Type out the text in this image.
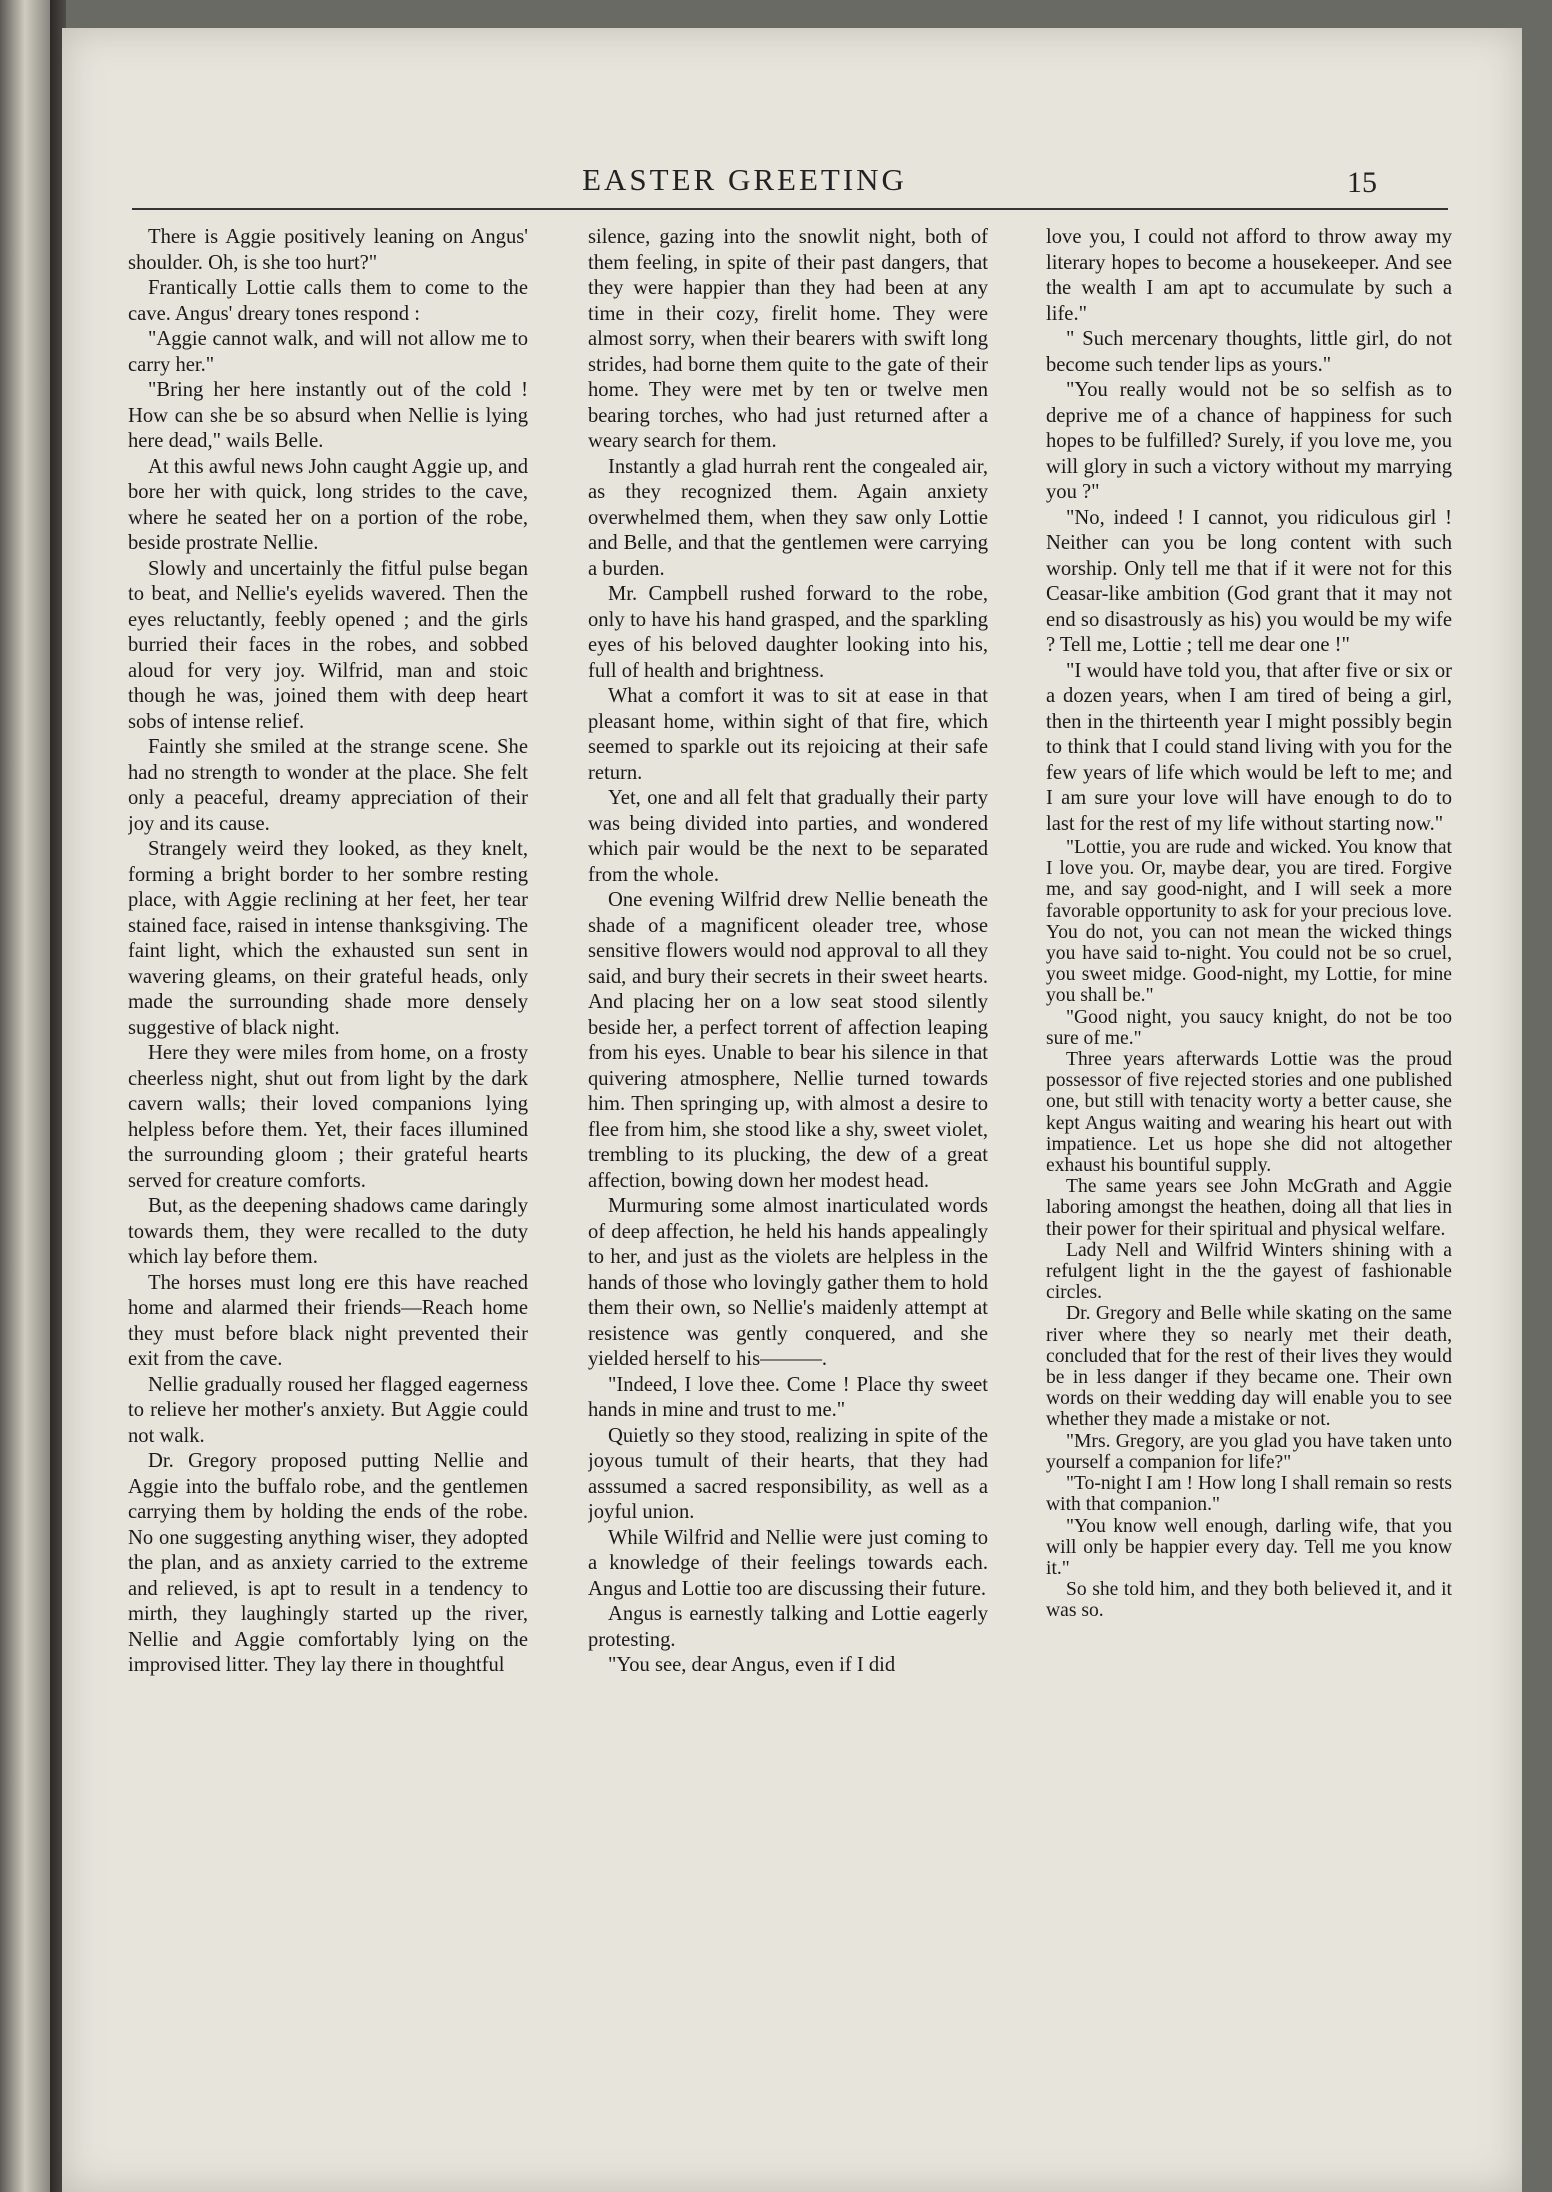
EASTER GREETING	15

There is Aggie positively leaning on Angus' shoulder. Oh, is she too hurt?"

Frantically Lottie calls them to come to the cave. Angus' dreary tones respond :

"Aggie cannot walk, and will not allow me to carry her."

"Bring her here instantly out of the cold ! How can she be so absurd when Nellie is lying here dead," wails Belle.

At this awful news John caught Aggie up, and bore her with quick, long strides to the cave, where he seated her on a portion of the robe, beside prostrate Nellie.

Slowly and uncertainly the fitful pulse began to beat, and Nellie's eyelids wavered. Then the eyes reluctantly, feebly opened ; and the girls burried their faces in the robes, and sobbed aloud for very joy. Wilfrid, man and stoic though he was, joined them with deep heart sobs of intense relief.

Faintly she smiled at the strange scene. She had no strength to wonder at the place. She felt only a peaceful, dreamy appreciation of their joy and its cause.

Strangely weird they looked, as they knelt, forming a bright border to her sombre resting place, with Aggie reclining at her feet, her tear stained face, raised in intense thanksgiving. The faint light, which the exhausted sun sent in wavering gleams, on their grateful heads, only made the surrounding shade more densely suggestive of black night.

Here they were miles from home, on a frosty cheerless night, shut out from light by the dark cavern walls; their loved companions lying helpless before them. Yet, their faces illumined the surrounding gloom ; their grateful hearts served for creature comforts.

But, as the deepening shadows came daringly towards them, they were recalled to the duty which lay before them.

The horses must long ere this have reached home and alarmed their friends—Reach home they must before black night prevented their exit from the cave.

Nellie gradually roused her flagged eagerness to relieve her mother's anxiety. But Aggie could not walk.

Dr. Gregory proposed putting Nellie and Aggie into the buffalo robe, and the gentlemen carrying them by holding the ends of the robe. No one suggesting anything wiser, they adopted the plan, and as anxiety carried to the extreme and relieved, is apt to result in a tendency to mirth, they laughingly started up the river, Nellie and Aggie comfortably lying on the improvised litter. They lay there in thoughtful

silence, gazing into the snowlit night, both of them feeling, in spite of their past dangers, that they were happier than they had been at any time in their cozy, firelit home. They were almost sorry, when their bearers with swift long strides, had borne them quite to the gate of their home. They were met by ten or twelve men bearing torches, who had just returned after a weary search for them.

Instantly a glad hurrah rent the congealed air, as they recognized them. Again anxiety overwhelmed them, when they saw only Lottie and Belle, and that the gentlemen were carrying a burden.

Mr. Campbell rushed forward to the robe, only to have his hand grasped, and the sparkling eyes of his beloved daughter looking into his, full of health and brightness.

What a comfort it was to sit at ease in that pleasant home, within sight of that fire, which seemed to sparkle out its rejoicing at their safe return.

Yet, one and all felt that gradually their party was being divided into parties, and wondered which pair would be the next to be separated from the whole.

One evening Wilfrid drew Nellie beneath the shade of a magnificent oleader tree, whose sensitive flowers would nod approval to all they said, and bury their secrets in their sweet hearts. And placing her on a low seat stood silently beside her, a perfect torrent of affection leaping from his eyes. Unable to bear his silence in that quivering atmosphere, Nellie turned towards him. Then springing up, with almost a desire to flee from him, she stood like a shy, sweet violet, trembling to its plucking, the dew of a great affection, bowing down her modest head.

Murmuring some almost inarticulated words of deep affection, he held his hands appealingly to her, and just as the violets are helpless in the hands of those who lovingly gather them to hold them their own, so Nellie's maidenly attempt at resistence was gently conquered, and she yielded herself to his———.

"Indeed, I love thee. Come ! Place thy sweet hands in mine and trust to me."

Quietly so they stood, realizing in spite of the joyous tumult of their hearts, that they had asssumed a sacred responsibility, as well as a joyful union.

While Wilfrid and Nellie were just coming to a knowledge of their feelings towards each. Angus and Lottie too are discussing their future.

Angus is earnestly talking and Lottie eagerly protesting.

"You see, dear Angus, even if I did

love you, I could not afford to throw away my literary hopes to become a housekeeper. And see the wealth I am apt to accumulate by such a life."

" Such mercenary thoughts, little girl, do not become such tender lips as yours."

"You really would not be so selfish as to deprive me of a chance of happiness for such hopes to be fulfilled? Surely, if you love me, you will glory in such a victory without my marrying you ?"

"No, indeed ! I cannot, you ridiculous girl ! Neither can you be long content with such worship. Only tell me that if it were not for this Ceasar-like ambition (God grant that it may not end so disastrously as his) you would be my wife ? Tell me, Lottie ; tell me dear one !"

"I would have told you, that after five or six or a dozen years, when I am tired of being a girl, then in the thirteenth year I might possibly begin to think that I could stand living with you for the few years of life which would be left to me; and I am sure your love will have enough to do to last for the rest of my life without starting now."

"Lottie, you are rude and wicked. You know that I love you. Or, maybe dear, you are tired. Forgive me, and say good-night, and I will seek a more favorable opportunity to ask for your precious love. You do not, you can not mean the wicked things you have said to-night. You could not be so cruel, you sweet midge. Good-night, my Lottie, for mine you shall be."

"Good night, you saucy knight, do not be too sure of me."

Three years afterwards Lottie was the proud possessor of five rejected stories and one published one, but still with tenacity worty a better cause, she kept Angus waiting and wearing his heart out with impatience. Let us hope she did not altogether exhaust his bountiful supply.

The same years see John McGrath and Aggie laboring amongst the heathen, doing all that lies in their power for their spiritual and physical welfare.

Lady Nell and Wilfrid Winters shining with a refulgent light in the the gayest of fashionable circles.

Dr. Gregory and Belle while skating on the same river where they so nearly met their death, concluded that for the rest of their lives they would be in less danger if they became one. Their own words on their wedding day will enable you to see whether they made a mistake or not.

"Mrs. Gregory, are you glad you have taken unto yourself a companion for life?"

"To-night I am ! How long I shall remain so rests with that companion."

"You know well enough, darling wife, that you will only be happier every day. Tell me you know it."

So she told him, and they both believed it, and it was so.
